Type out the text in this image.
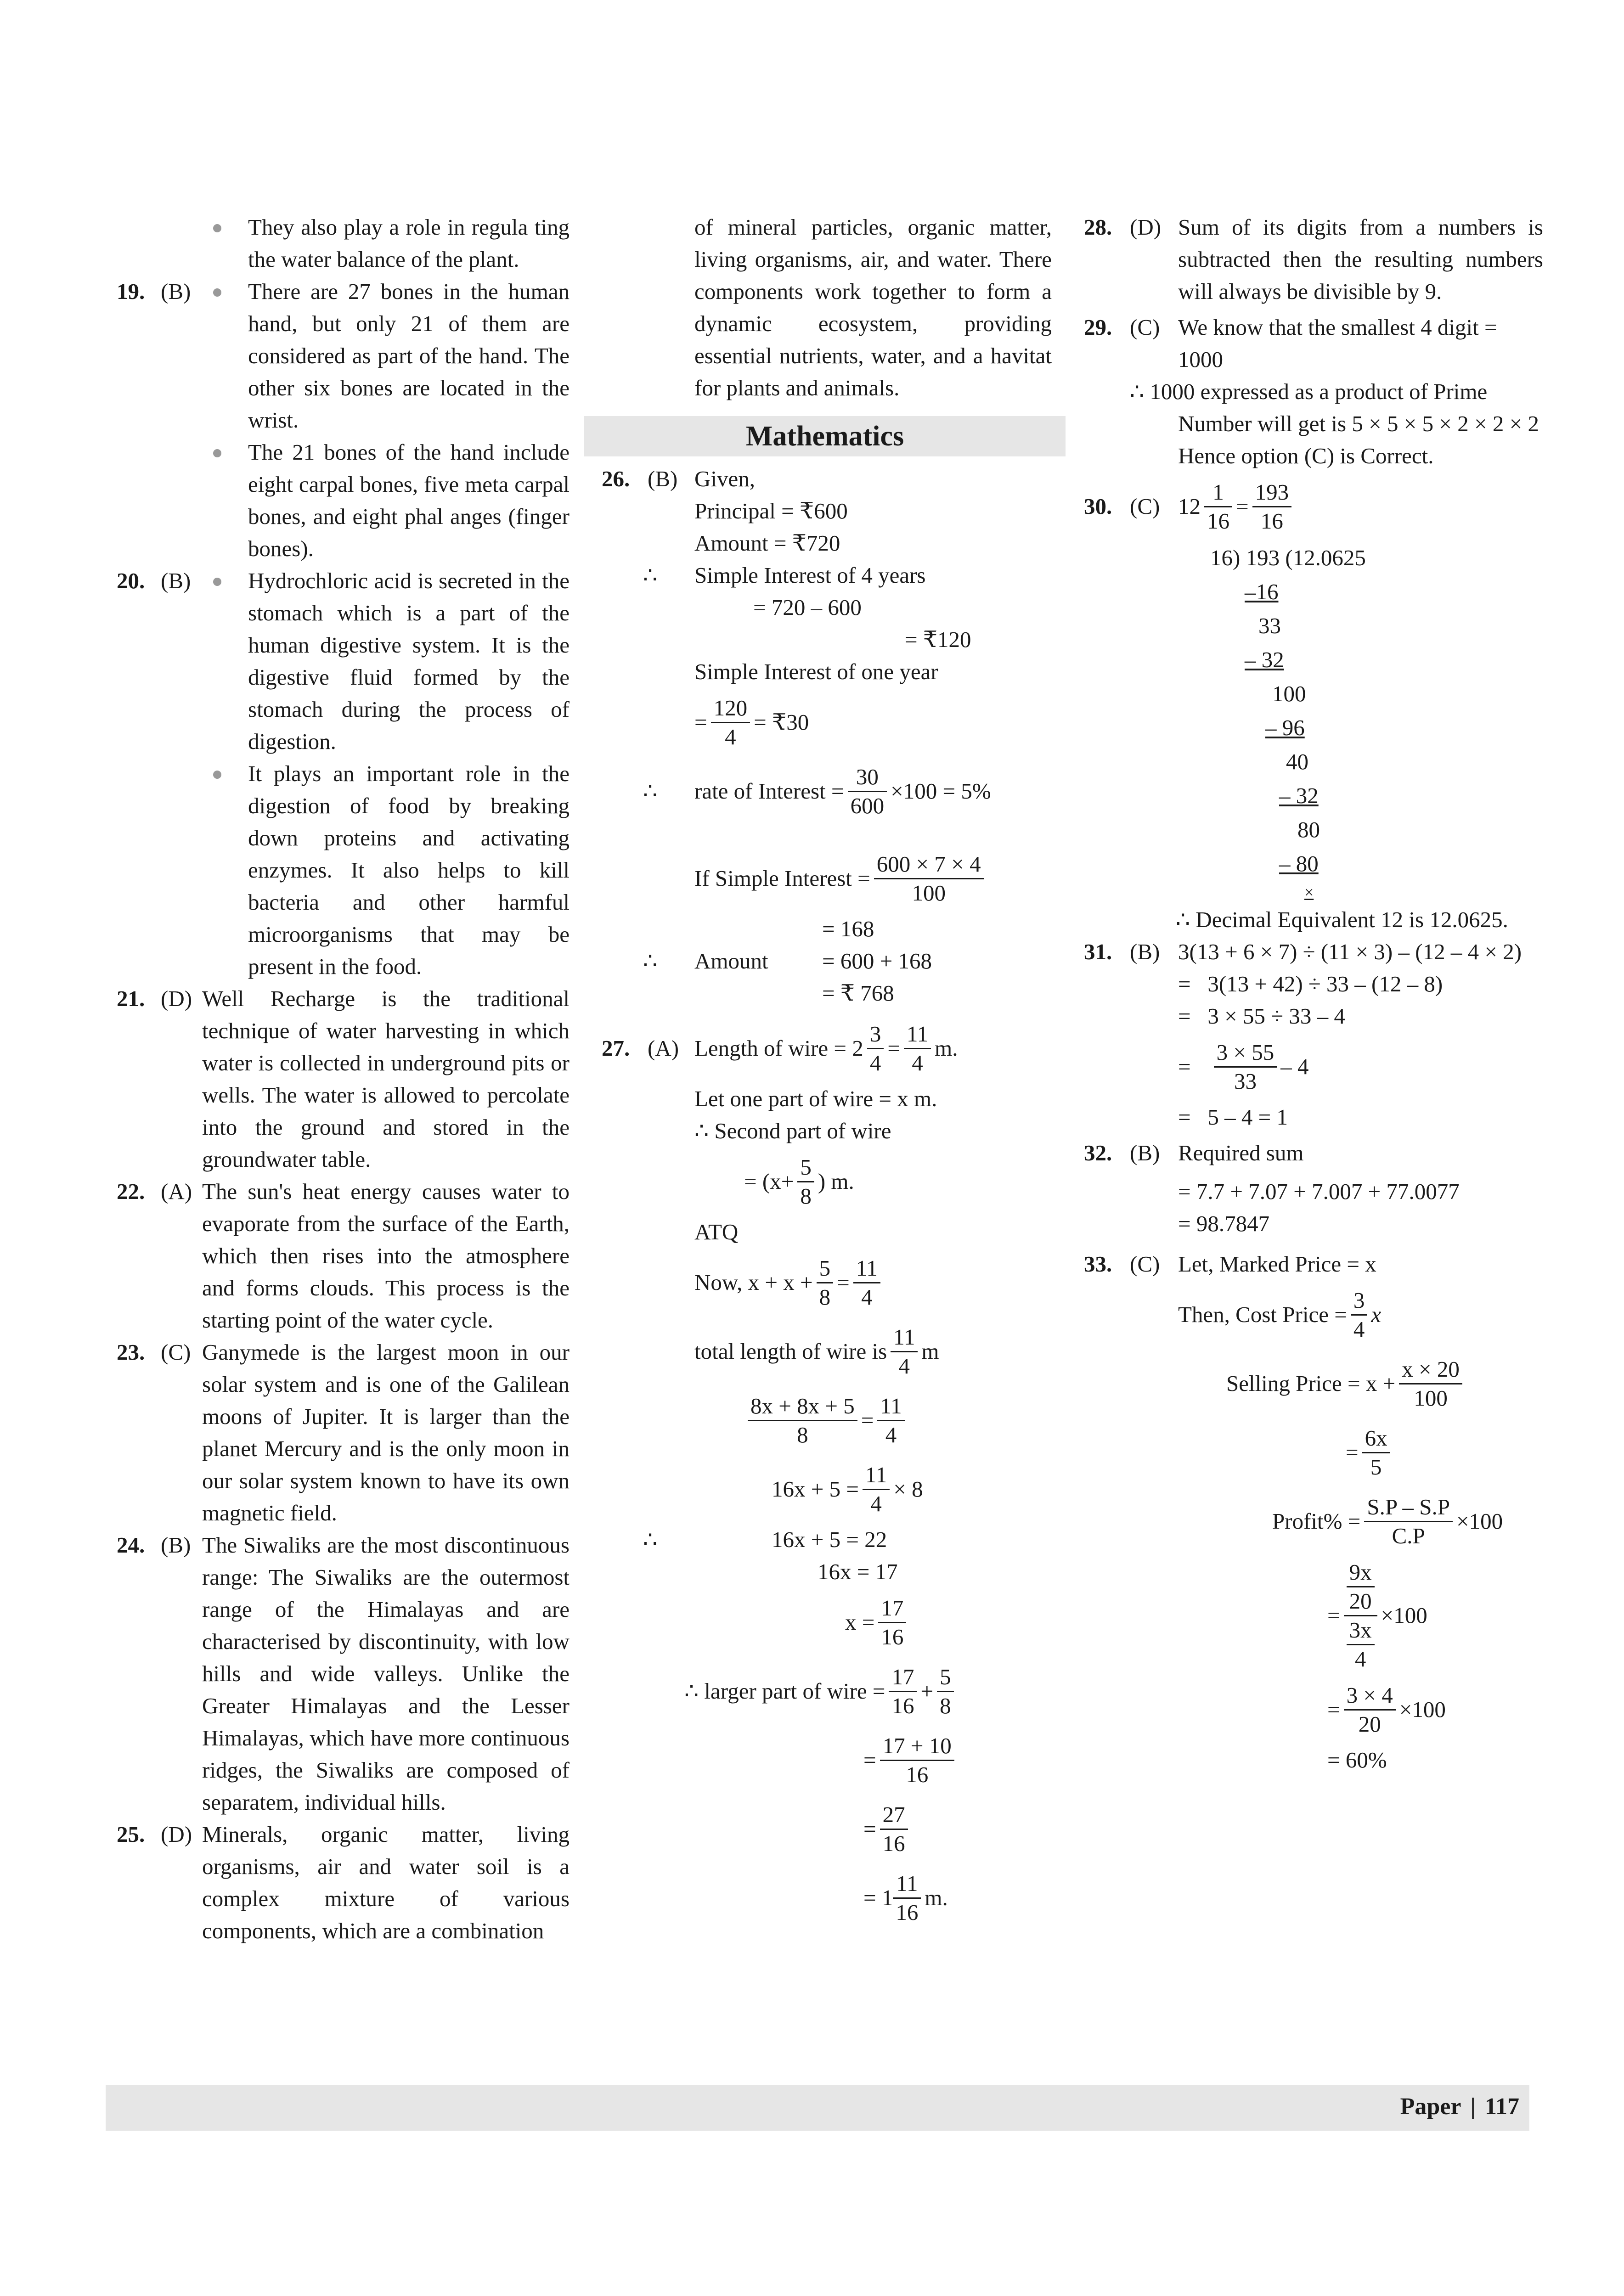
They also play a role in regula ting the water balance of the plant.
19. (B)	There are 27 bones in the human hand, but only 21 of them are considered as part of the hand. The other six bones are located in the wrist.
The 21 bones of the hand include eight carpal bones, five meta carpal bones, and eight phal anges (finger bones).
20. (B)	Hydrochloric acid is secreted in the stomach which is a part of the human digestive system. It is the digestive fluid formed by the stomach during the process of digestion.
It plays an important role in the digestion of food by breaking down proteins and activating enzymes. It also helps to kill bacteria and other harmful microorganisms that may be present in the food.
21. (D) Well Recharge is the traditional technique of water harvesting in which water is collected in underground pits or wells. The water is allowed to percolate into the ground and stored in the groundwater table.
22. (A) The sun's heat energy causes water to evaporate from the surface of the Earth, which then rises into the atmosphere and forms clouds. This process is the starting point of the water cycle.
23. (C) Ganymede is the largest moon in our solar system and is one of the Galilean moons of Jupiter. It is larger than the planet Mercury and is the only moon in our solar system known to have its own magnetic field.
24. (B) The Siwaliks are the most discontinuous range: The Siwaliks are the outermost range of the Himalayas and are characterised by discontinuity, with low hills and wide valleys. Unlike the Greater Himalayas and the Lesser Himalayas, which have more continuous ridges, the Siwaliks are composed of separatem, individual hills.
25. (D) Minerals, organic matter, living organisms, air and water soil is a complex mixture of various components, which are a combination
of mineral particles, organic matter, living organisms, air, and water. There components work together to form a dynamic ecosystem, providing essential nutrients, water, and a havitat for plants and animals.
Mathematics
26. (B) Given,
Principal = ₹600
Amount = ₹720
∴ Simple Interest of 4 years
= 720 – 600
= ₹120
Simple Interest of one year
= $\frac{120}{4}$ = ₹30
∴ rate of Interest = $\frac{30}{600} \times 100 = 5\%$
If Simple Interest = $\frac{600 \times 7 \times 4}{100}$
= 168
∴ Amount = 600 + 168
= ₹ 768
27. (A) Length of wire = $2 \frac{3}{4} = \frac{11}{4} m$.
Let one part of wire = x m.
∴ Second part of wire
= ($x+ \frac{5}{8}$ ) m.
ATQ
Now, $x + x + \frac{5}{8} = \frac{11}{4}$
total length of wire is
11
4
m
$\frac{8x + 8x + 5}{8} = \frac{11}{4}$
$16x + 5 = \frac{11}{4} \times 8$
∴	16x + 5 = 22
16x = 17
$x = \frac{17}{16}$
∴ larger part of wire = $\frac{17}{16} + \frac{5}{8}$
= $\frac{17 + 10}{16}$
= $\frac{27}{16}$
= 1
11
16
m.
28. (D) Sum of its digits from a numbers is subtracted then the resulting numbers will always be divisible by 9.
29. (C) We know that the smallest 4 digit = 1000
∴ 1000 expressed as a product of Prime
Number will get is 5 × 5 × 5 × 2 × 2 × 2
Hence option (C) is Correct.
30. (C) $12 \frac{1}{16} = \frac{193}{16}$
16) 193 (12.0625
–16
33
– 32
100
– 96
40
– 32
80
– 80
×
∴ Decimal Equivalent 12 is 12.0625.
31. (B) 3(13 + 6 × 7) ÷ (11 × 3) – (12 – 4 × 2)
=   3(13 + 42) ÷ 33 – (12 – 8)
=   3 × 55 ÷ 33 – 4
= $\frac{3 \times 55}{33} - 4$
=   5 – 4 = 1
32. (B) Required sum
= 7.7 + 7.07 + 7.007 + 77.0077
= 98.7847
33. (C) Let, Marked Price = x
Then, Cost Price = $\frac{3}{4}$ x
Selling Price = $x + \frac{x \times 20}{100}$
= $\frac{6x}{5}$
Profit% = $\frac{S.P - S.P}{C.P} \times 100$
= $\frac{\frac{9x}{20}}{\frac{3x}{4}} \times 100$
= $\frac{3 \times 4}{20} \times 100$
= 60%
Paper | 117
